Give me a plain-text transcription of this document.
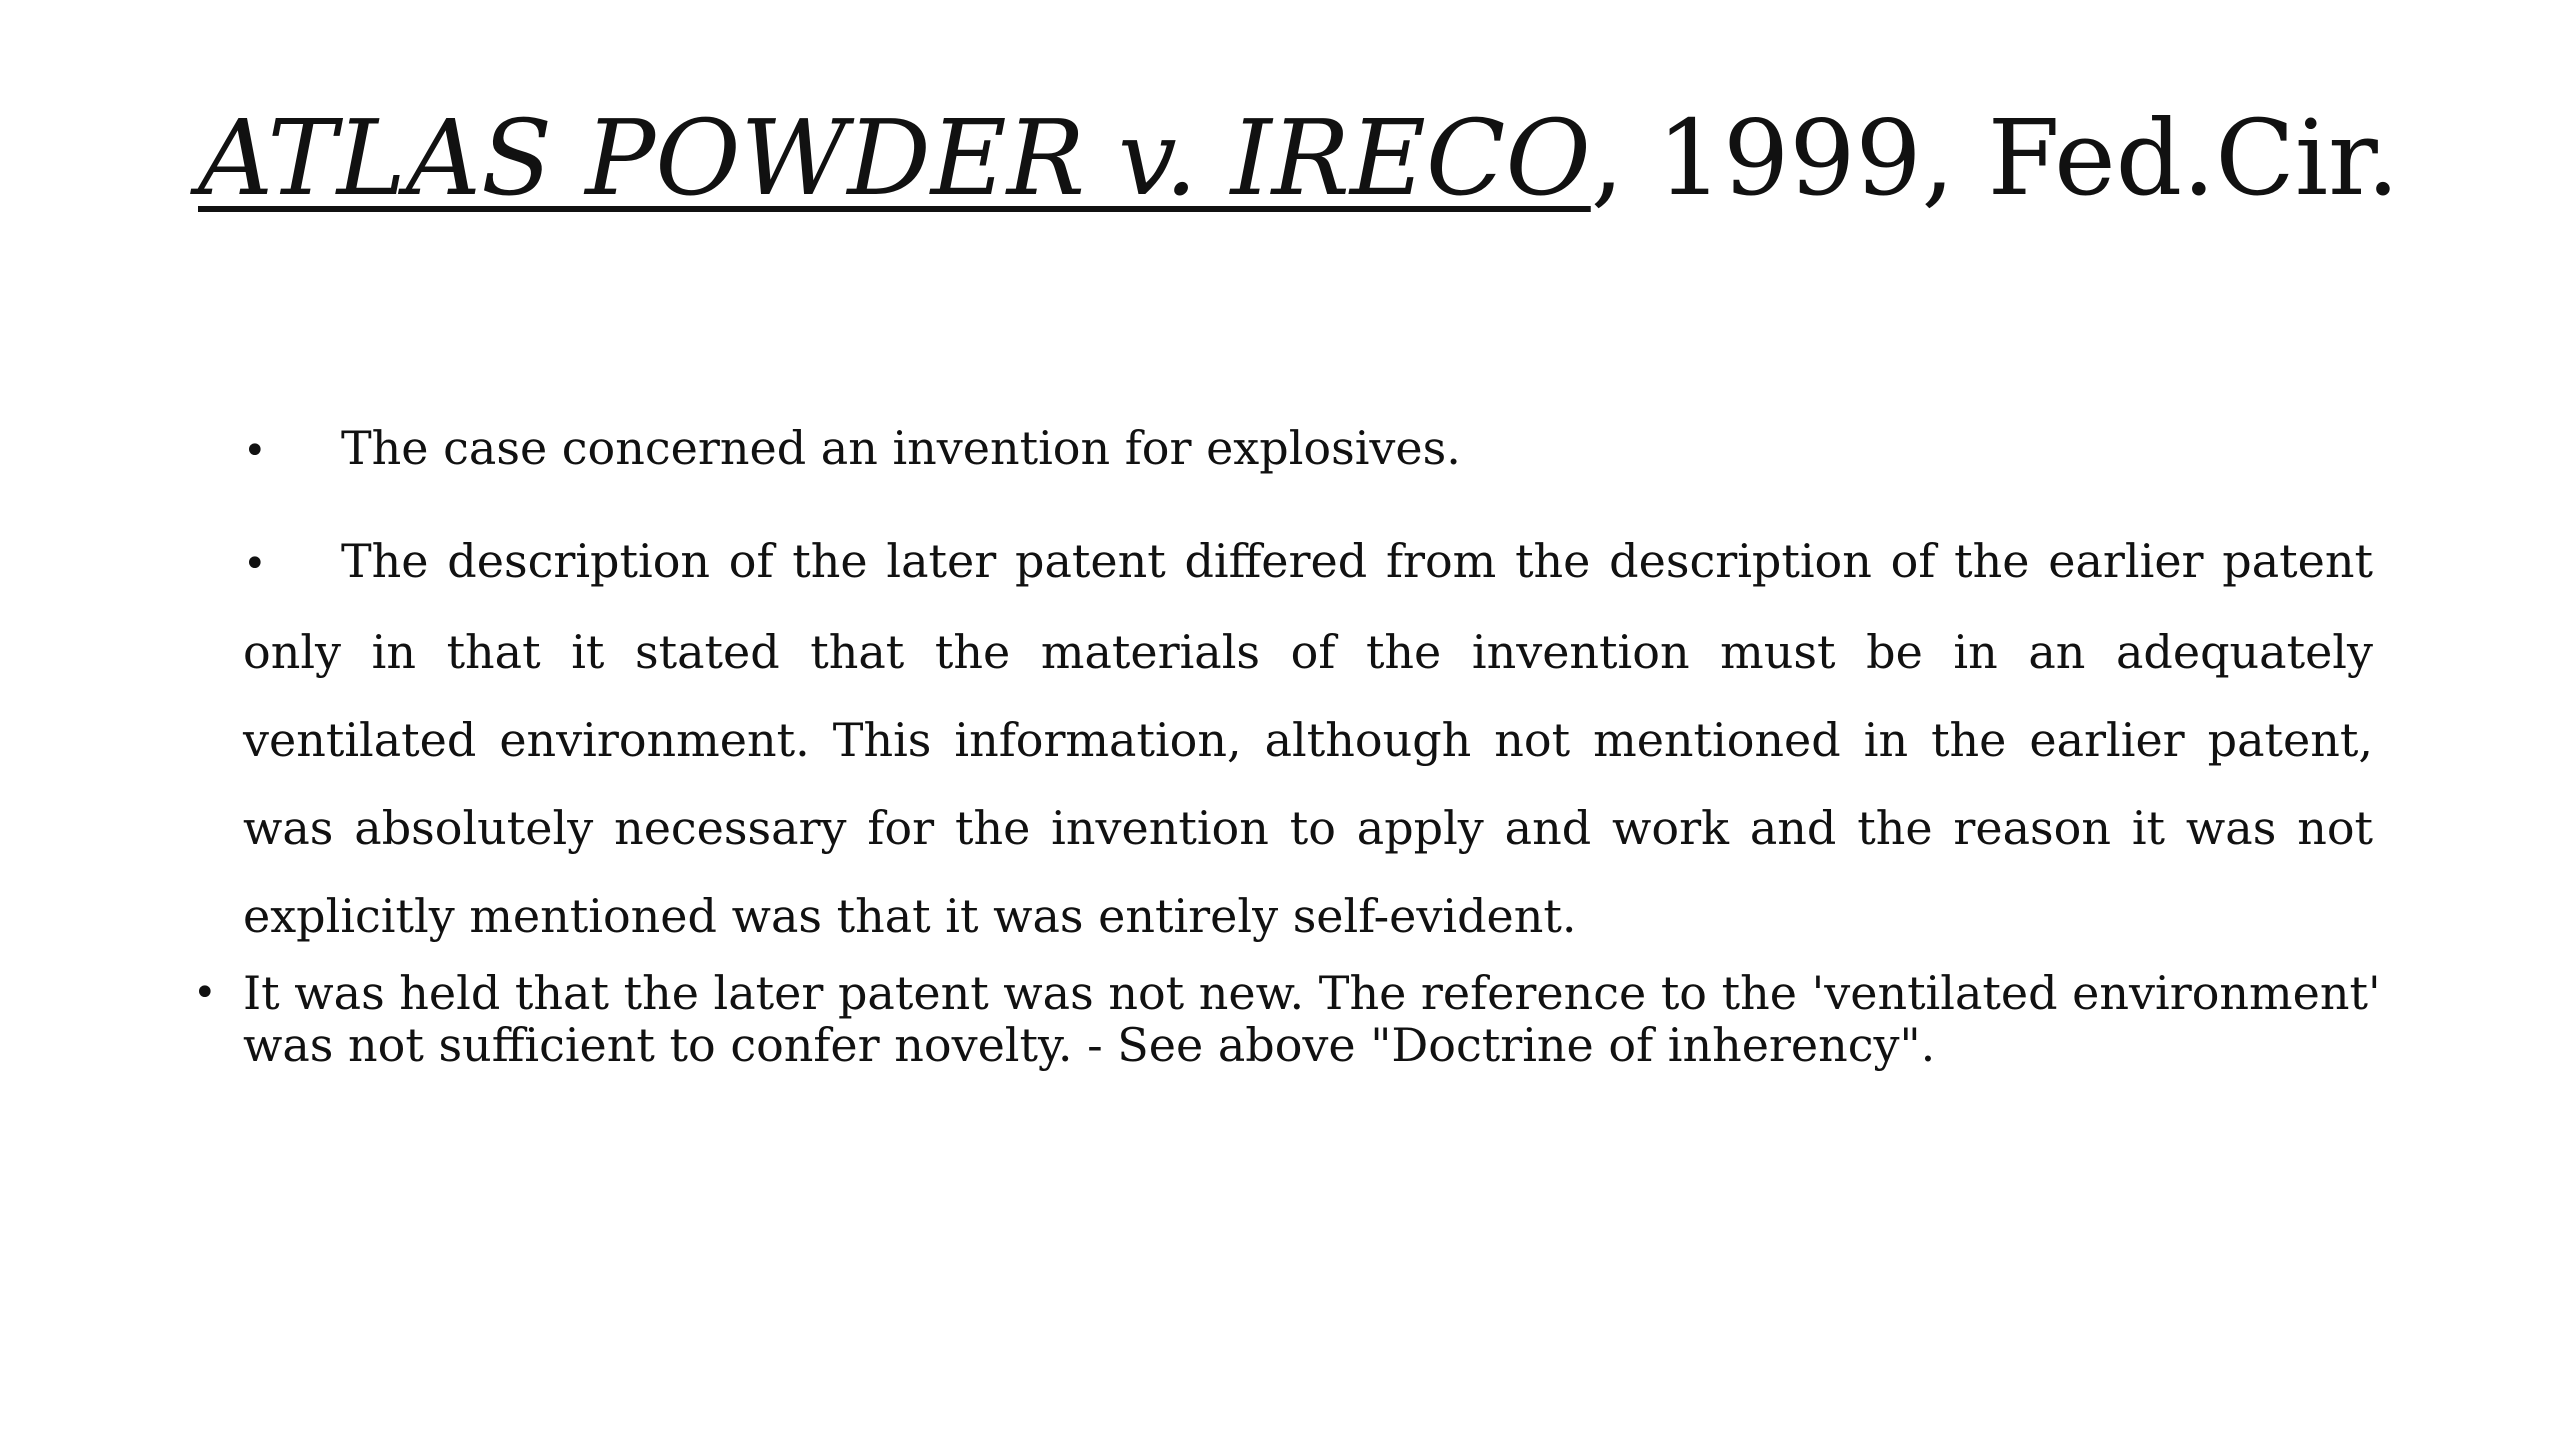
ATLAS POWDER v. IRECO, 1999, Fed.Cir.

• The case concerned an invention for explosives.

• The description of the later patent differed from the description of the earlier patent only in that it stated that the materials of the invention must be in an adequately ventilated environment. This information, although not mentioned in the earlier patent, was absolutely necessary for the invention to apply and work and the reason it was not explicitly mentioned was that it was entirely self-evident.

• It was held that the later patent was not new. The reference to the 'ventilated environment' was not sufficient to confer novelty. - See above "Doctrine of inherency".
